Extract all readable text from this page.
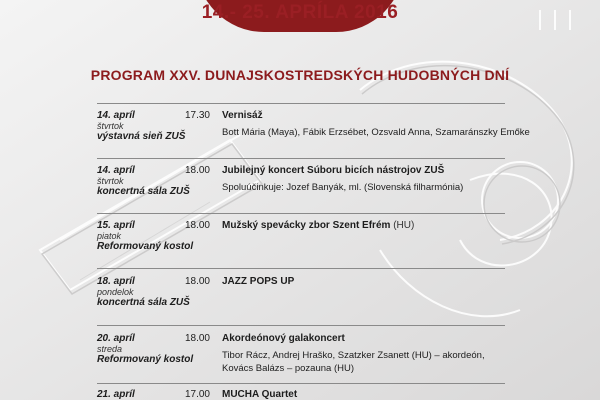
14.- 25. APRÍLA 2016
PROGRAM XXV. DUNAJSKOSTREDSKÝCH HUDOBNÝCH DNÍ
14. apríl
štvrtok
výstavná sieň ZUŠ
17.30 Vernisáž
Bott Mária (Maya), Fábik Erzsébet, Ozsvald Anna, Szamaránszky Emőke
14. apríl
štvrtok
koncertná sála ZUŠ
18.00 Jubilejný koncert Súboru bicích nástrojov ZUŠ
Spoluúčinkuje: Jozef Banyák, ml. (Slovenská filharmónia)
15. apríl
piatok
Reformovaný kostol
18.00 Mužský spevácky zbor Szent Efrém (HU)
18. apríl
pondelok
koncertná sála ZUŠ
18.00 JAZZ POPS UP
20. apríl
streda
Reformovaný kostol
18.00 Akordeónový galakoncert
Tibor Rácz, Andrej Hraško, Szatzker Zsanett (HU) – akordeón,
Kovács Balázs – pozauna (HU)
21. apríl	17.00 MUCHA Quartet
